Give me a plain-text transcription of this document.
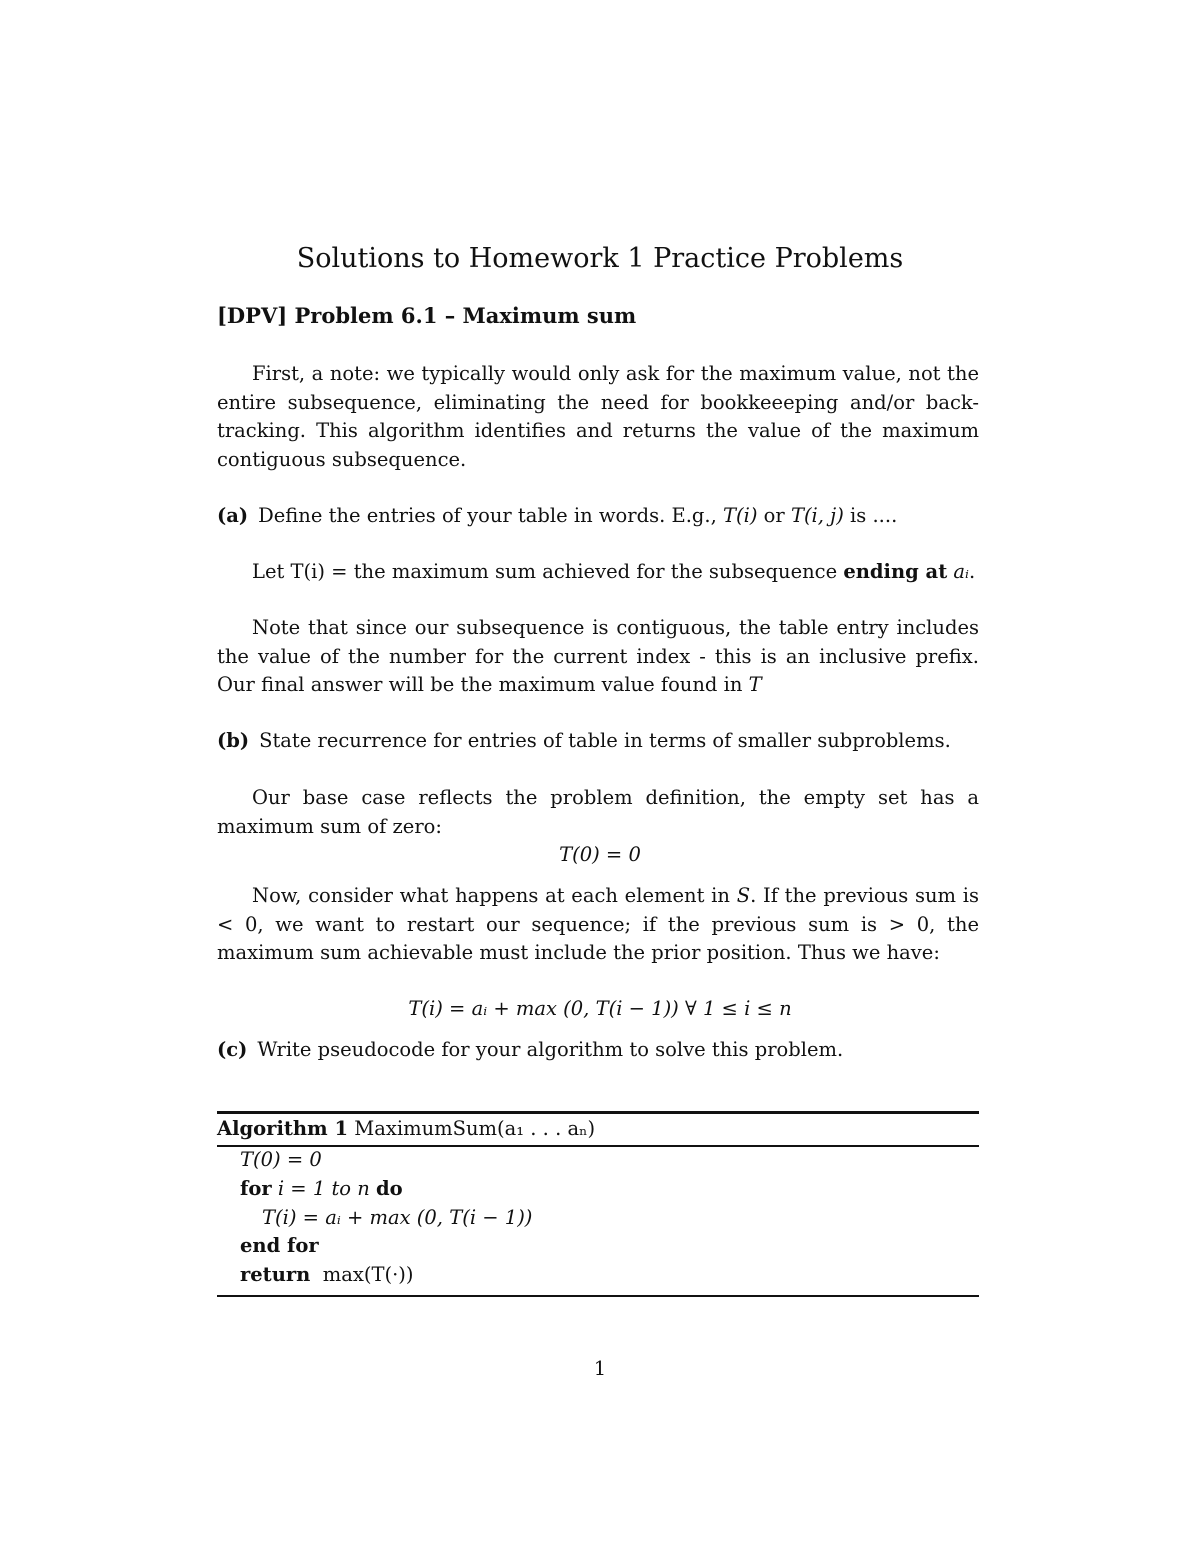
Solutions to Homework 1 Practice Problems
[DPV] Problem 6.1 – Maximum sum

First, a note: we typically would only ask for the maximum value, not the entire subsequence, eliminating the need for bookkeeeping and/or back-tracking. This algorithm identifies and returns the value of the maximum contiguous subsequence.

(a) Define the entries of your table in words. E.g., T(i) or T(i, j) is ....
Let T(i) = the maximum sum achieved for the subsequence ending at aᵢ.

Note that since our subsequence is contiguous, the table entry includes the value of the number for the current index - this is an inclusive prefix. Our final answer will be the maximum value found in T

(b) State recurrence for entries of table in terms of smaller subproblems.

Our base case reflects the problem definition, the empty set has a maximum sum of zero:

T(0) = 0

Now, consider what happens at each element in S. If the previous sum is < 0, we want to restart our sequence; if the previous sum is > 0, the maximum sum achievable must include the prior position. Thus we have:

T(i) = aᵢ + max (0, T(i − 1)) ∀ 1 ≤ i ≤ n
(c) Write pseudocode for your algorithm to solve this problem.
Algorithm 1 MaximumSum(a₁ . . . aₙ)
T(0) = 0
for i = 1 to n do
T(i) = aᵢ + max (0, T(i − 1))
end for
return max(T(·))
1
